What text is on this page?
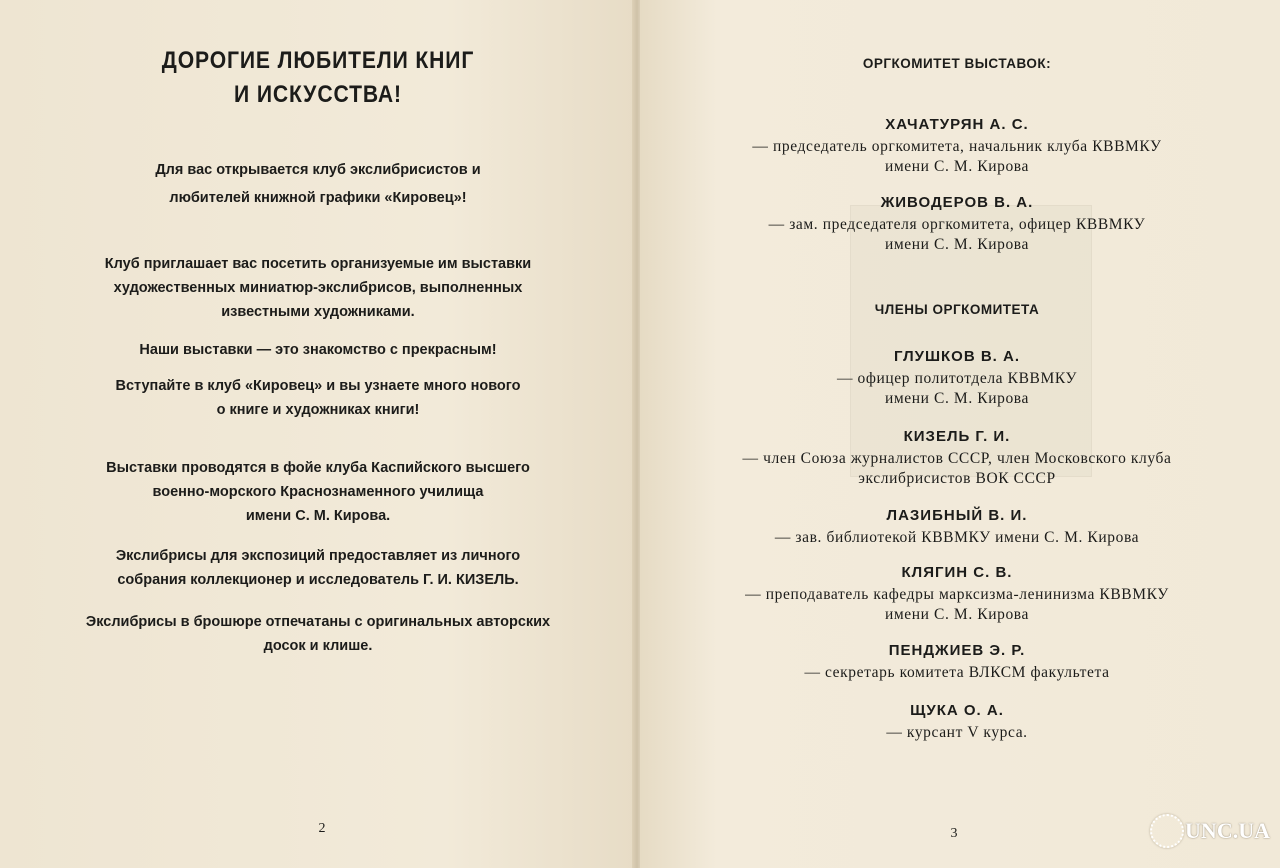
ДОРОГИЕ ЛЮБИТЕЛИ КНИГ
И ИСКУССТВА!
Для вас открывается клуб экслибрисистов и
любителей книжной графики «Кировец»!
Клуб приглашает вас посетить организуемые им выставки
художественных миниатюр-экслибрисов, выполненных
известными художниками.
Наши выставки — это знакомство с прекрасным!
Вступайте в клуб «Кировец» и вы узнаете много нового
о книге и художниках книги!
Выставки проводятся в фойе клуба Каспийского высшего
военно-морского Краснознаменного училища
имени С. М. Кирова.
Экслибрисы для экспозиций предоставляет из личного
собрания коллекционер и исследователь Г. И. КИЗЕЛЬ.
Экслибрисы в брошюре отпечатаны с оригинальных авторских
досок и клише.
2
ОРГКОМИТЕТ ВЫСТАВОК:
ХАЧАТУРЯН А. С.
— председатель оргкомитета, начальник клуба КВВМКУ
имени С. М. Кирова
ЖИВОДЕРОВ В. А.
— зам. председателя оргкомитета, офицер КВВМКУ
имени С. М. Кирова
ЧЛЕНЫ ОРГКОМИТЕТА
ГЛУШКОВ В. А.
— офицер политотдела КВВМКУ
имени С. М. Кирова
КИЗЕЛЬ Г. И.
— член Союза журналистов СССР, член Московского клуба
экслибрисистов ВОК СССР
ЛАЗИБНЫЙ В. И.
— зав. библиотекой КВВМКУ имени С. М. Кирова
КЛЯГИН С. В.
— преподаватель кафедры марксизма-ленинизма КВВМКУ
имени С. М. Кирова
ПЕНДЖИЕВ Э. Р.
— секретарь комитета ВЛКСМ факультета
ЩУКА О. А.
— курсант V курса.
3	UNC.UA
